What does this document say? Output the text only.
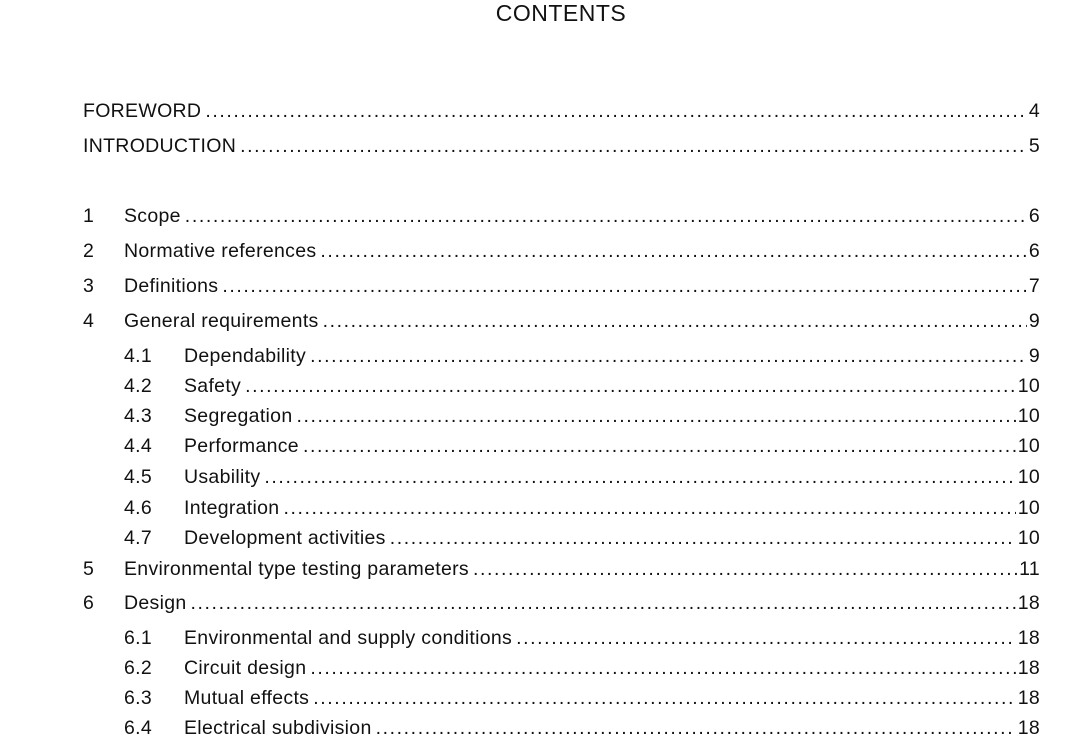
CONTENTS
FOREWORD .....	4
INTRODUCTION .....	5
1	Scope .....	6
2	Normative references .....	6
3	Definitions .....	7
4	General requirements .....	9
4.1	Dependability .....	9
4.2	Safety .....	10
4.3	Segregation .....	10
4.4	Performance .....	10
4.5	Usability .....	10
4.6	Integration .....	10
4.7	Development activities .....	10
5	Environmental type testing parameters .....	11
6	Design .....	18
6.1	Environmental and supply conditions .....	18
6.2	Circuit design .....	18
6.3	Mutual effects .....	18
6.4	Electrical subdivision .....	18
